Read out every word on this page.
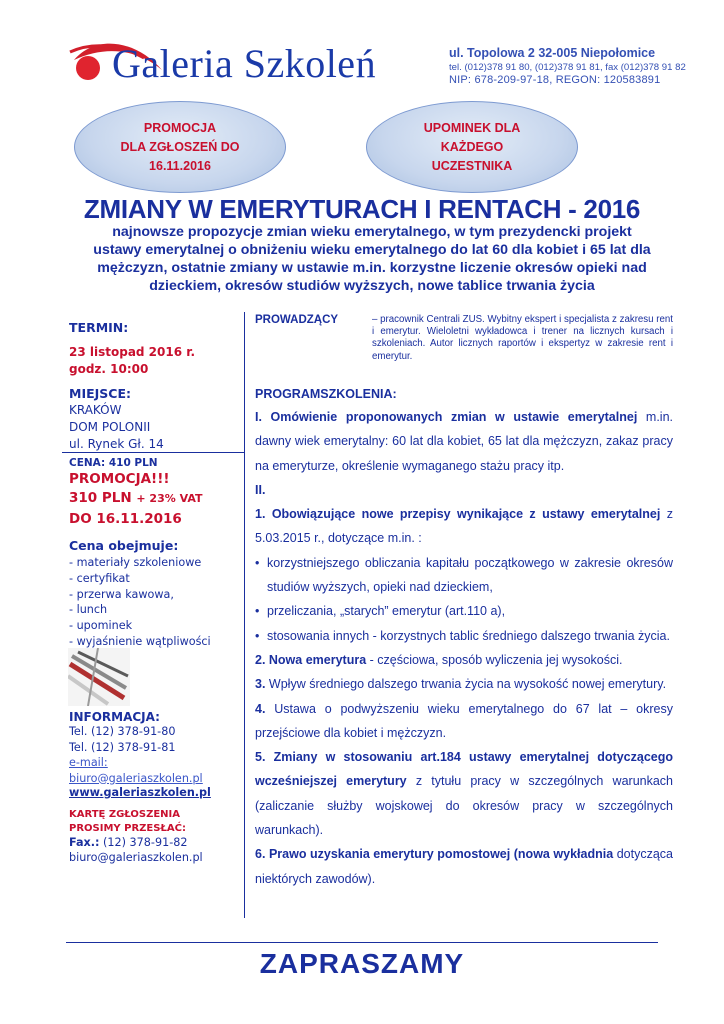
Galeria Szkoleń	ul. Topolowa 2 32-005 Niepołomice
tel. (012)378 91 80, (012)378 91 81, fax (012)378 91 82
NIP: 678-209-97-18, REGON: 120583891
PROMOCJA
DLA ZGŁOSZEŃ DO
16.11.2016
UPOMINEK DLA
KAŻDEGO
UCZESTNIKA
ZMIANY W EMERYTURACH I RENTACH - 2016
najnowsze propozycje zmian wieku emerytalnego, w tym prezydencki projekt
ustawy emerytalnej o obniżeniu wieku emerytalnego do lat 60 dla kobiet i 65 lat dla
mężczyzn, ostatnie zmiany w ustawie m.in. korzystne liczenie okresów opieki nad
dzieckiem, okresów studiów wyższych, nowe tablice trwania życia
TERMIN:
23 listopad 2016 r.
godz. 10:00
MIEJSCE:
KRAKÓW
DOM POLONII
ul. Rynek Gł. 14
CENA: 410 PLN
PROMOCJA!!!
310 PLN + 23% VAT
DO 16.11.2016
Cena obejmuje:
- materiały szkoleniowe
- certyfikat
- przerwa kawowa,
- lunch
- upominek
- wyjaśnienie wątpliwości
INFORMACJA:
Tel. (12) 378-91-80
Tel. (12) 378-91-81
e-mail:
biuro@galeriaszkolen.pl
www.galeriaszkolen.pl
KARTĘ ZGŁOSZENIA
PROSIMY PRZESŁAĆ:
Fax.: (12) 378-91-82
biuro@galeriaszkolen.pl
PROWADZĄCY	– pracownik Centrali ZUS. Wybitny ekspert i specjalista z zakresu rent i emerytur. Wieloletni wykładowca i trener na licznych kursach i szkoleniach. Autor licznych raportów i ekspertyz w zakresie rent i emerytur.
PROGRAMSZKOLENIA:

I. Omówienie proponowanych zmian w ustawie emerytalnej m.in. dawny wiek emerytalny: 60 lat dla kobiet, 65 lat dla mężczyzn, zakaz pracy na emeryturze, określenie wymaganego stażu pracy itp.

II.

1. Obowiązujące nowe przepisy wynikające z ustawy emerytalnej z 5.03.2015 r., dotyczące m.in. :

• korzystniejszego obliczania kapitału początkowego w zakresie okresów studiów wyższych, opieki nad dzieckiem,
• przeliczania, „starych” emerytur (art.110 a),
• stosowania innych - korzystnych tablic średniego dalszego trwania życia.

2. Nowa emerytura - częściowa, sposób wyliczenia jej wysokości.

3. Wpływ średniego dalszego trwania życia na wysokość nowej emerytury.

4. Ustawa o podwyższeniu wieku emerytalnego do 67 lat – okresy przejściowe dla kobiet i mężczyzn.

5. Zmiany w stosowaniu art.184 ustawy emerytalnej dotyczącego wcześniejszej emerytury z tytułu pracy w szczególnych warunkach (zaliczanie służby wojskowej do okresów pracy w szczególnych warunkach).

6. Prawo uzyskania emerytury pomostowej (nowa wykładnia dotycząca niektórych zawodów).

ZAPRASZAMY
